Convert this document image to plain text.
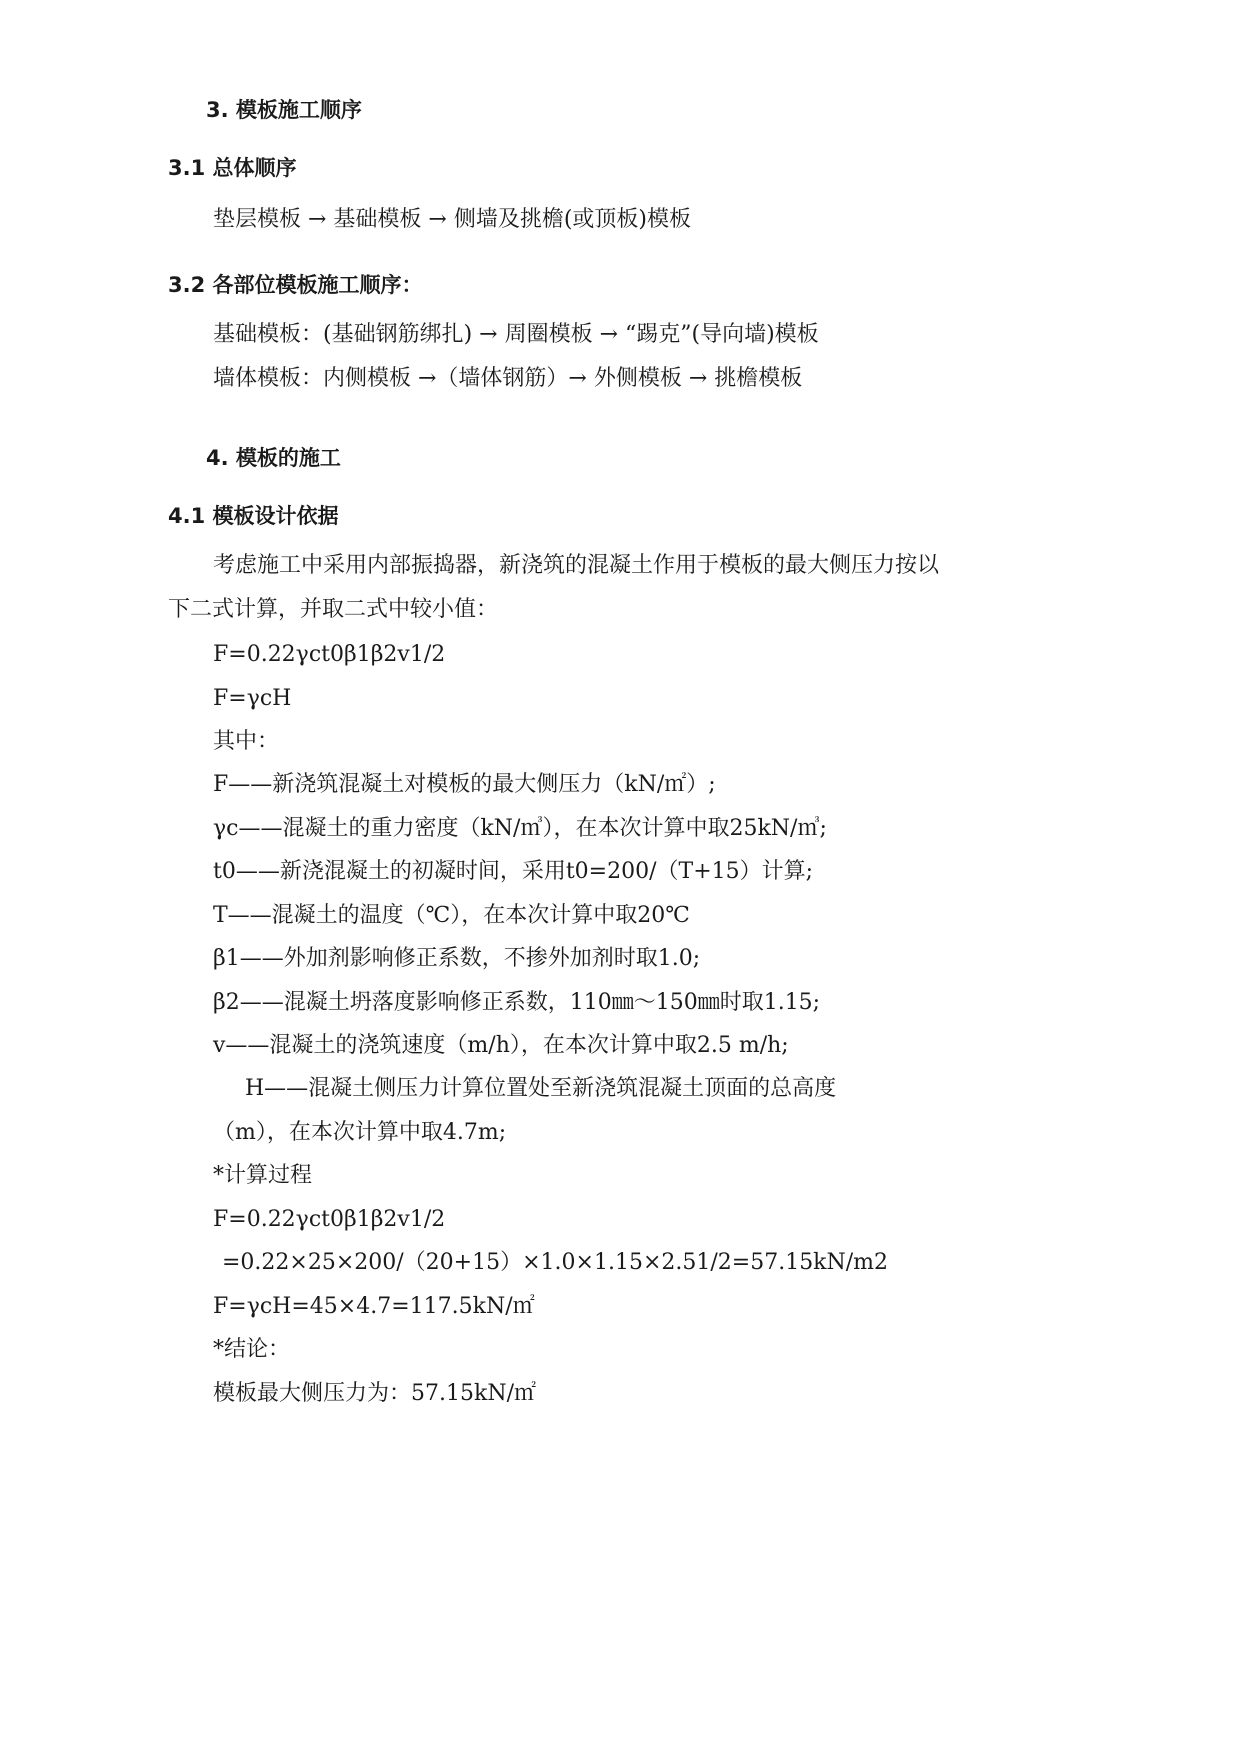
3. 模板施工顺序
3.1 总体顺序
垫层模板 → 基础模板 → 侧墙及挑檐(或顶板)模板
3.2 各部位模板施工顺序：
基础模板：(基础钢筋绑扎) → 周圈模板 → “踢克”(导向墙)模板
墙体模板：内侧模板 →（墙体钢筋）→ 外侧模板 → 挑檐模板
4. 模板的施工
4.1 模板设计依据
考虑施工中采用内部振捣器，新浇筑的混凝土作用于模板的最大侧压力按以
下二式计算，并取二式中较小值：
F=0.22γct0β1β2v1/2
F=γcH
其中：
F——新浇筑混凝土对模板的最大侧压力（kN/㎡）;
γc——混凝土的重力密度（kN/㎥），在本次计算中取25kN/㎥;
t0——新浇混凝土的初凝时间，采用t0=200/（T+15）计算;
T——混凝土的温度（℃），在本次计算中取20℃
β1——外加剂影响修正系数，不掺外加剂时取1.0;
β2——混凝土坍落度影响修正系数，110㎜～150㎜时取1.15;
v——混凝土的浇筑速度（m/h），在本次计算中取2.5 m/h;
H——混凝土侧压力计算位置处至新浇筑混凝土顶面的总高度
（m），在本次计算中取4.7m;
*计算过程
F=0.22γct0β1β2v1/2
=0.22×25×200/（20+15）×1.0×1.15×2.51/2=57.15kN/m2
F=γcH=45×4.7=117.5kN/㎡
*结论：
模板最大侧压力为：57.15kN/㎡
